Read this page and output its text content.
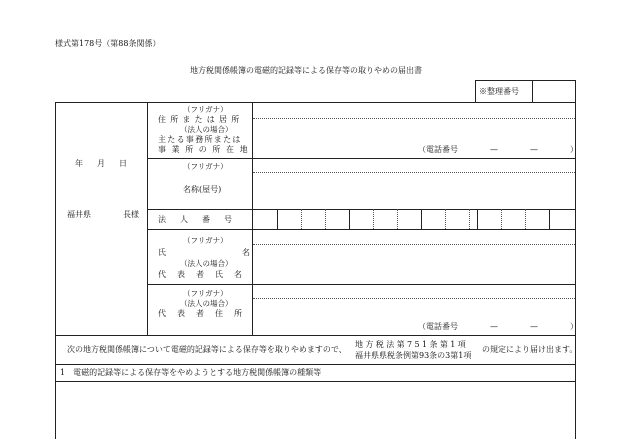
様式第178号（第88条関係）
地方税関係帳簿の電磁的記録等による保存等の取りやめの届出書
※整理番号
年　月　日
福井県　　　　長様
（フリガナ）
住所または居所
（法人の場合）
主たる事務所または
事業所の所在地	（電話番号　　　　—　　　　—　　　　）
（フリガナ）
名称(屋号)
法人番号
（フリガナ）
氏名
（法人の場合）
代表者氏名
（フリガナ）
（法人の場合）
代表者住所
（電話番号　　　　—　　　　—　　　　）
次の地方税関係帳簿について電磁的記録等による保存等を取りやめますので、
地方税法第751条第1項
福井県県税条例第93条の3第1項
の規定により届け出ます。
1　電磁的記録等による保存等をやめようとする地方税関係帳簿の種類等
